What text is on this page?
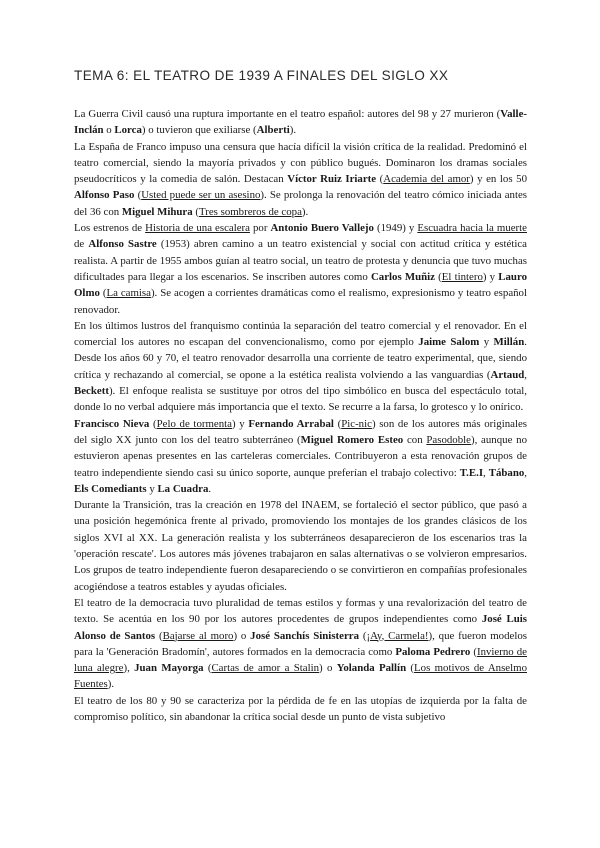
TEMA 6: EL TEATRO DE 1939 A FINALES DEL SIGLO XX

La Guerra Civil causó una ruptura importante en el teatro español: autores del 98 y 27 murieron (Valle-Inclán o Lorca) o tuvieron que exiliarse (Alberti).

La España de Franco impuso una censura que hacía difícil la visión crítica de la realidad. Predominó el teatro comercial, siendo la mayoría privados y con público bugués. Dominaron los dramas sociales pseudocríticos y la comedia de salón. Destacan Víctor Ruiz Iriarte (Academia del amor) y en los 50 Alfonso Paso (Usted puede ser un asesino). Se prolonga la renovación del teatro cómico iniciada antes del 36 con Miguel Mihura (Tres sombreros de copa).

Los estrenos de Historia de una escalera por Antonio Buero Vallejo (1949) y Escuadra hacia la muerte de Alfonso Sastre (1953) abren camino a un teatro existencial y social con actitud crítica y estética realista. A partir de 1955 ambos guían al teatro social, un teatro de protesta y denuncia que tuvo muchas dificultades para llegar a los escenarios. Se inscriben autores como Carlos Muñiz (El tintero) y Lauro Olmo (La camisa). Se acogen a corrientes dramáticas como el realismo, expresionismo y teatro español renovador.

En los últimos lustros del franquismo continúa la separación del teatro comercial y el renovador. En el comercial los autores no escapan del convencionalismo, como por ejemplo Jaime Salom y Millán. Desde los años 60 y 70, el teatro renovador desarrolla una corriente de teatro experimental, que, siendo crítica y rechazando al comercial, se opone a la estética realista volviendo a las vanguardias (Artaud, Beckett). El enfoque realista se sustituye por otros del tipo simbólico en busca del espectáculo total, donde lo no verbal adquiere más importancia que el texto. Se recurre a la farsa, lo grotesco y lo onírico.

Francisco Nieva (Pelo de tormenta) y Fernando Arrabal (Pic-nic) son de los autores más originales del siglo XX junto con los del teatro subterráneo (Miguel Romero Esteo con Pasodoble), aunque no estuvieron apenas presentes en las carteleras comerciales. Contribuyeron a esta renovación grupos de teatro independiente siendo casi su único soporte, aunque preferían el trabajo colectivo: T.E.I, Tábano, Els Comediants y La Cuadra.

Durante la Transición, tras la creación en 1978 del INAEM, se fortaleció el sector público, que pasó a una posición hegemónica frente al privado, promoviendo los montajes de los grandes clásicos de los siglos XVI al XX. La generación realista y los subterráneos desaparecieron de los escenarios tras la 'operación rescate'. Los autores más jóvenes trabajaron en salas alternativas o se volvieron empresarios. Los grupos de teatro independiente fueron desapareciendo o se convirtieron en compañías profesionales acogiéndose a teatros estables y ayudas oficiales.

El teatro de la democracia tuvo pluralidad de temas estilos y formas y una revalorización del teatro de texto. Se acentúa en los 90 por los autores procedentes de grupos independientes como José Luis Alonso de Santos (Bajarse al moro) o José Sanchís Sinisterra (¡Ay, Carmela!), que fueron modelos para la 'Generación Bradomín', autores formados en la democracia como Paloma Pedrero (Invierno de luna alegre), Juan Mayorga (Cartas de amor a Stalin) o Yolanda Pallín (Los motivos de Anselmo Fuentes).

El teatro de los 80 y 90 se caracteriza por la pérdida de fe en las utopías de izquierda por la falta de compromiso político, sin abandonar la crítica social desde un punto de vista subjetivo
